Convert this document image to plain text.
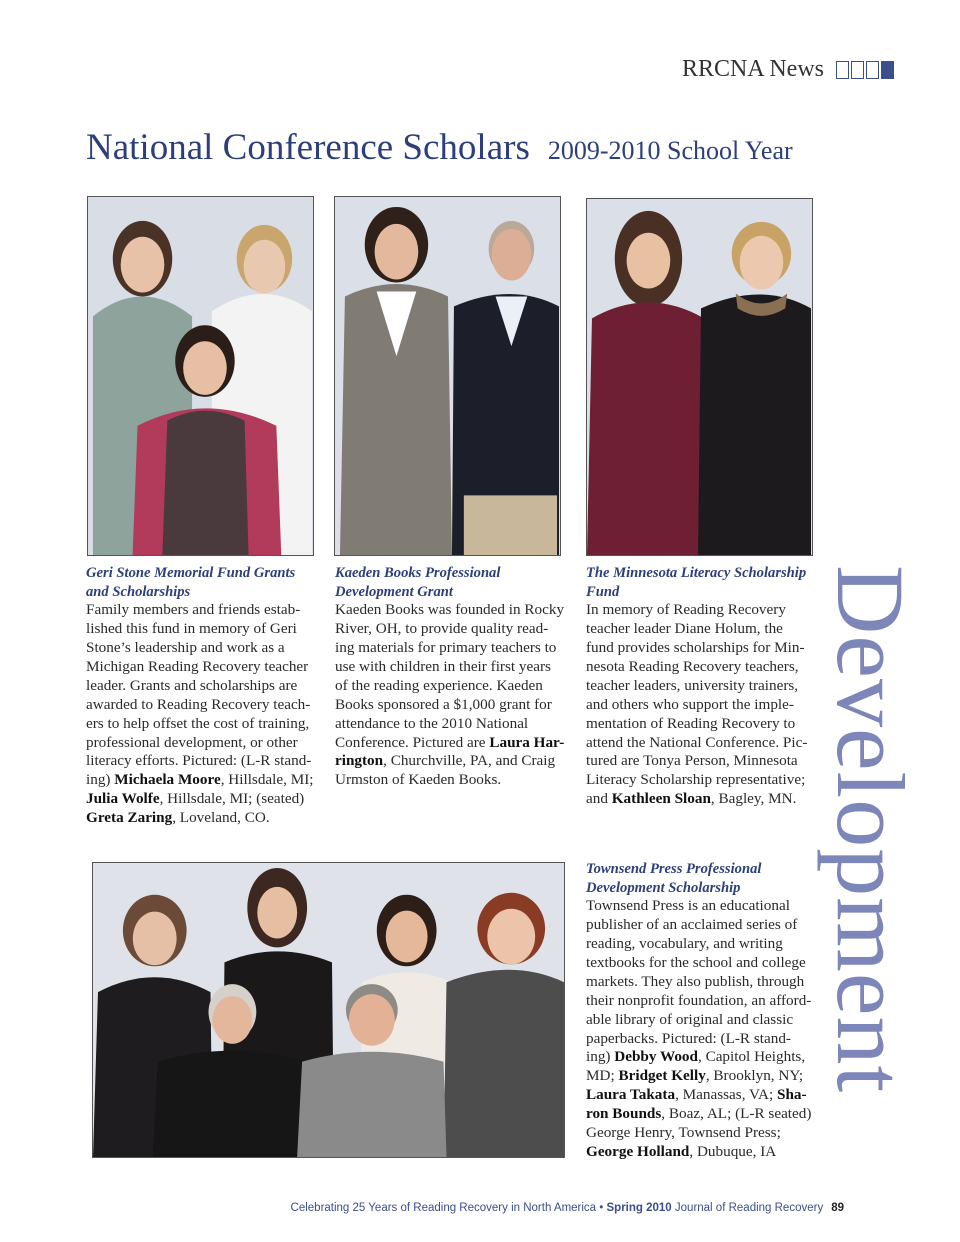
RRCNA News
National Conference Scholars 2009-2010 School Year
Geri Stone Memorial Fund Grants
and Scholarships
Family members and friends estab-
lished this fund in memory of Geri
Stone’s leadership and work as a
Michigan Reading Recovery teacher
leader. Grants and scholarships are
awarded to Reading Recovery teach-
ers to help offset the cost of training,
professional development, or other
literacy efforts. Pictured: (L-R stand-
ing) Michaela Moore, Hillsdale, MI;
Julia Wolfe, Hillsdale, MI; (seated)
Greta Zaring, Loveland, CO.
Kaeden Books Professional
Development Grant
Kaeden Books was founded in Rocky
River, OH, to provide quality read-
ing materials for primary teachers to
use with children in their first years
of the reading experience. Kaeden
Books sponsored a $1,000 grant for
attendance to the 2010 National
Conference. Pictured are Laura Har-
rington, Churchville, PA, and Craig
Urmston of Kaeden Books.
The Minnesota Literacy Scholarship
Fund
In memory of Reading Recovery
teacher leader Diane Holum, the
fund provides scholarships for Min-
nesota Reading Recovery teachers,
teacher leaders, university trainers,
and others who support the imple-
mentation of Reading Recovery to
attend the National Conference. Pic-
tured are Tonya Person, Minnesota
Literacy Scholarship representative;
and Kathleen Sloan, Bagley, MN.
Townsend Press Professional
Development Scholarship
Townsend Press is an educational
publisher of an acclaimed series of
reading, vocabulary, and writing
textbooks for the school and college
markets. They also publish, through
their nonprofit foundation, an afford-
able library of original and classic
paperbacks. Pictured: (L-R stand-
ing) Debby Wood, Capitol Heights,
MD; Bridget Kelly, Brooklyn, NY;
Laura Takata, Manassas, VA; Sha-
ron Bounds, Boaz, AL; (L-R seated)
George Henry, Townsend Press;
George Holland, Dubuque, IA
Development
Celebrating 25 Years of Reading Recovery in North America • Spring 2010 Journal of Reading Recovery 89
